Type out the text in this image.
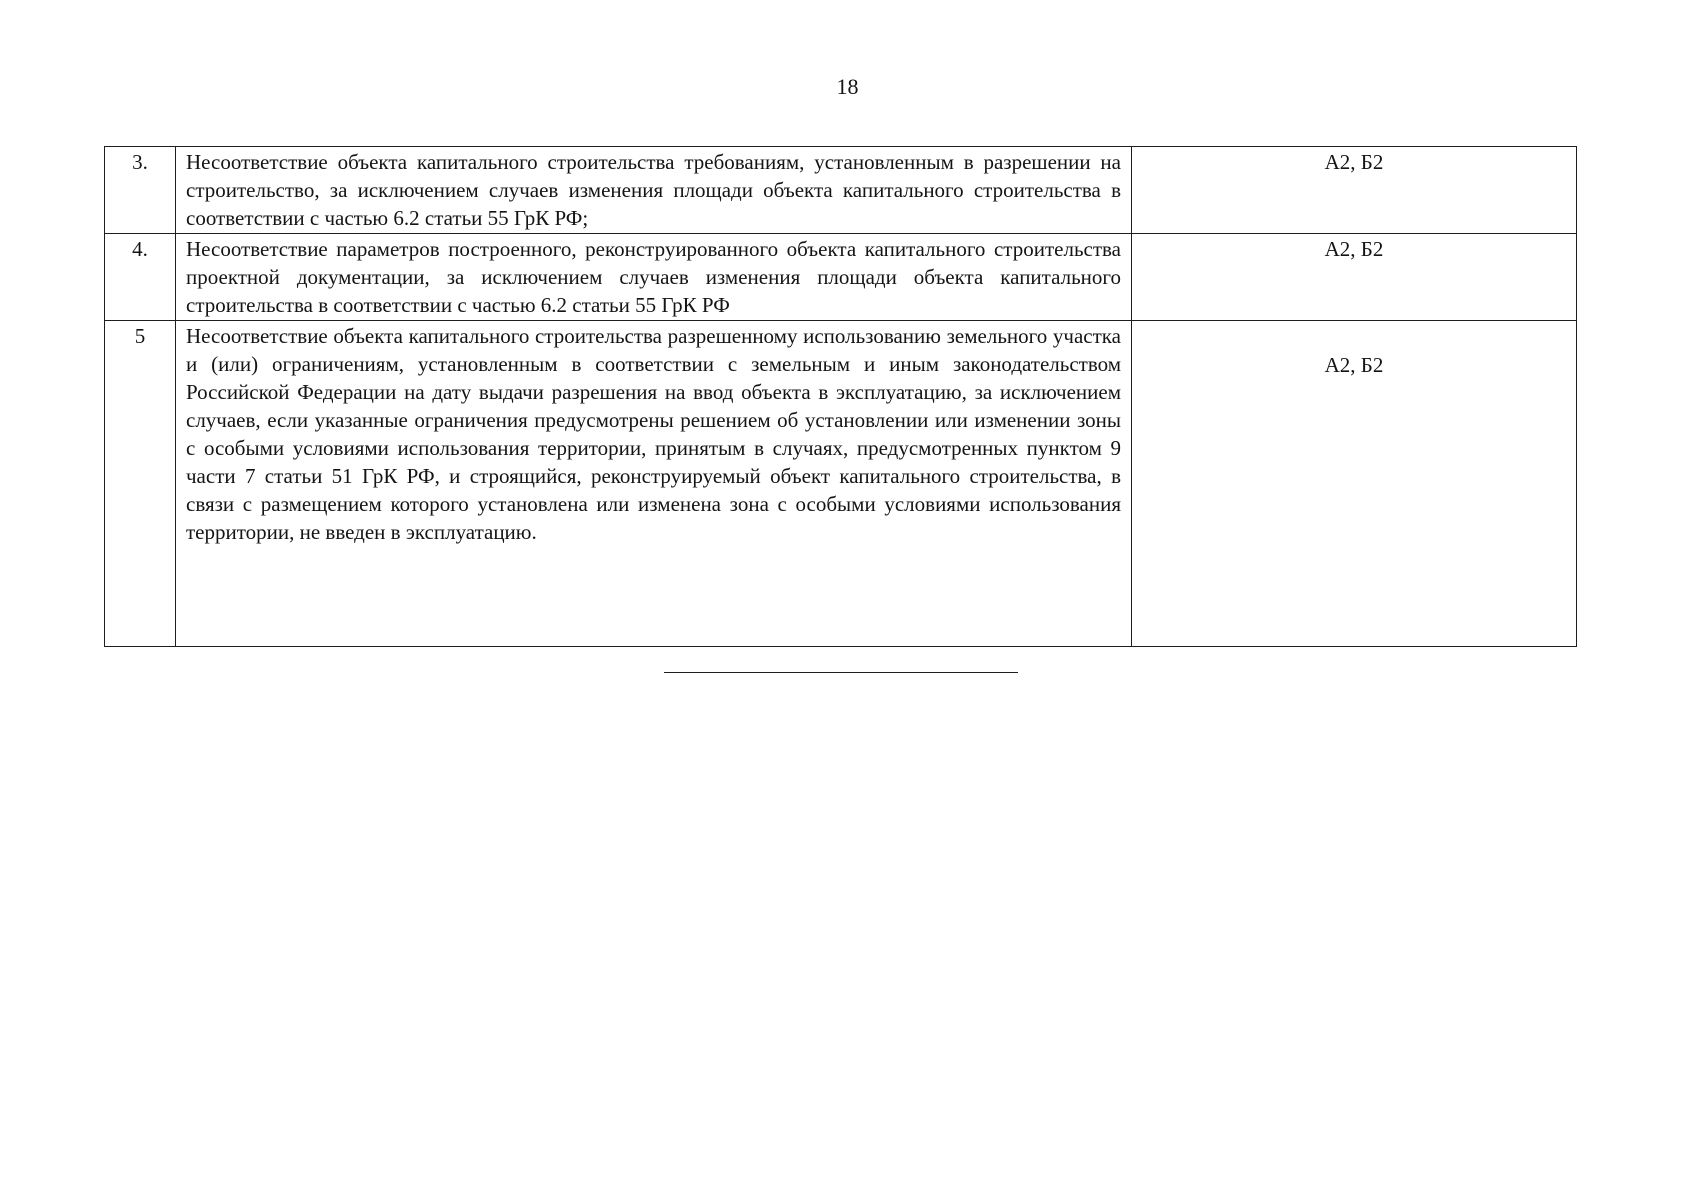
18
3.	Несоответствие объекта капитального строительства требованиям, установленным в разрешении на строительство, за исключением случаев изменения площади объекта капитального строительства в соответствии с частью 6.2 статьи 55 ГрК РФ;	А2, Б2
4.	Несоответствие параметров построенного, реконструированного объекта капитального строительства проектной документации, за исключением случаев изменения площади объекта капитального строительства в соответствии с частью 6.2 статьи 55 ГрК РФ	А2, Б2
5	Несоответствие объекта капитального строительства разрешенному использованию земельного участка и (или) ограничениям, установленным в соответствии с земельным и иным законодательством Российской Федерации на дату выдачи разрешения на ввод объекта в эксплуатацию, за исключением случаев, если указанные ограничения предусмотрены решением об установлении или изменении зоны с особыми условиями использования территории, принятым в случаях, предусмотренных пунктом 9 части 7 статьи 51 ГрК РФ, и строящийся, реконструируемый объект капитального строительства, в связи с размещением которого установлена или изменена зона с особыми условиями использования территории, не введен в эксплуатацию.	А2, Б2
